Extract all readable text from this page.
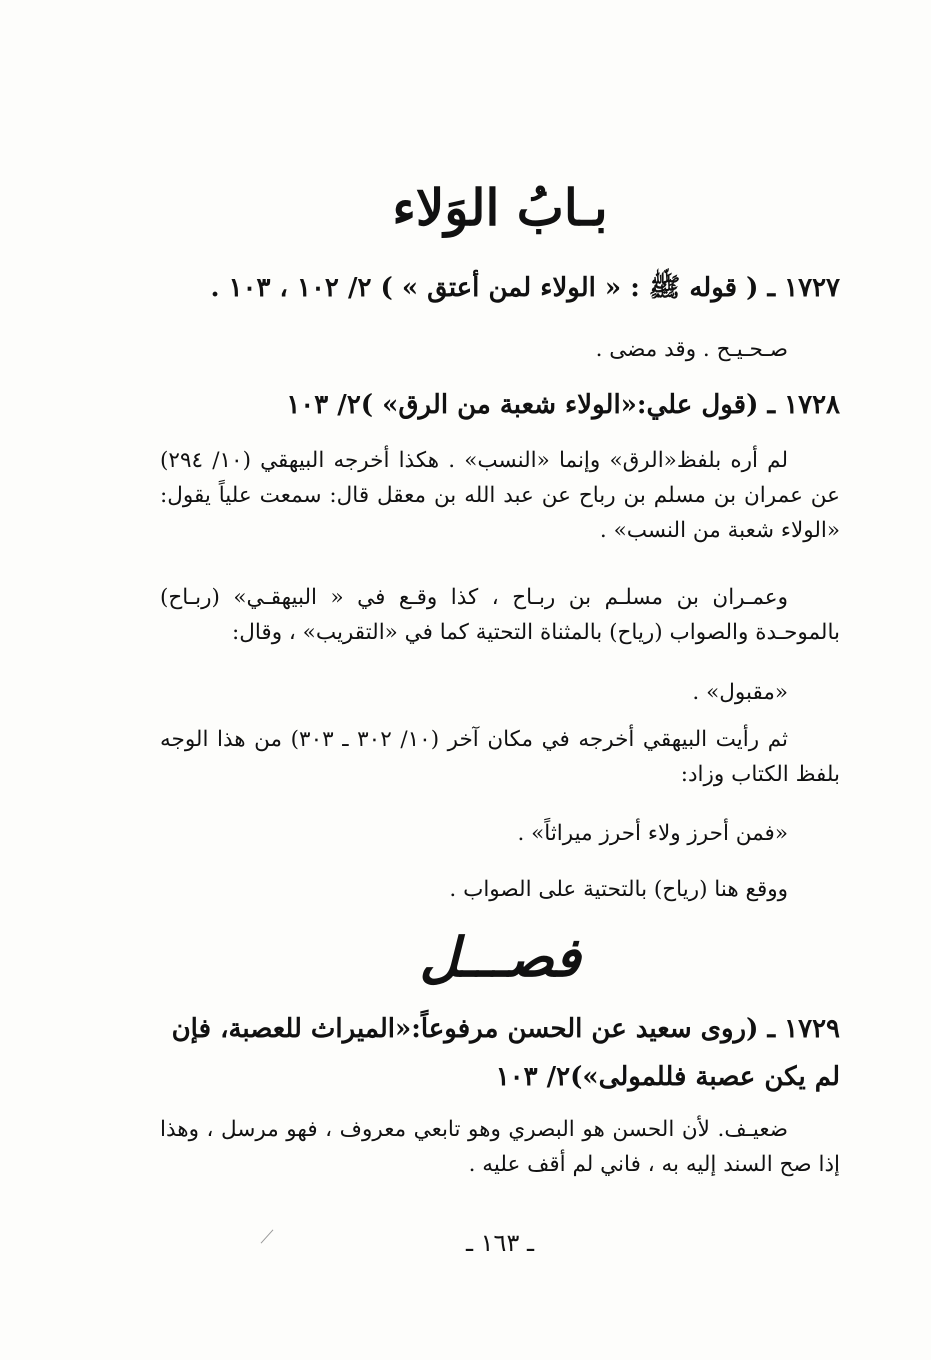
بـابُ الوَلاء
١٧٢٧ ـ ( قوله ﷺ : « الولاء لمن أعتق » ) ٢/ ١٠٢ ، ١٠٣ .
صـحـيـح . وقد مضى .
١٧٢٨ ـ (قول علي:«الولاء شعبة من الرق» )٢/ ١٠٣
لم أره بلفظ«الرق» وإنما «النسب» . هكذا أخرجه البيهقي (١٠/ ٢٩٤) عن عمران بن مسلم بن رباح عن عبد الله بن معقل قال: سمعت علياً يقول: «الولاء شعبة من النسب» .
وعمـران بن مسلـم بن ربـاح ، كذا وقـع في « البيهقـي» (ربـاح) بالموحـدة والصواب (رياح) بالمثناة التحتية كما في «التقريب» ، وقال:
«مقبول» .
ثم رأيت البيهقي أخرجه في مكان آخر (١٠/ ٣٠٢ ـ ٣٠٣) من هذا الوجه بلفظ الكتاب وزاد:
«فمن أحرز ولاء أحرز ميراثاً» .
ووقع هنا (رياح) بالتحتية على الصواب .
فصـــل
١٧٢٩ ـ (روى سعيد عن الحسن مرفوعاً:«الميراث للعصبة، فإن لم يكن عصبة فللمولى»)٢/ ١٠٣
ضعيـف. لأن الحسن هو البصري وهو تابعي معروف ، فهو مرسل ، وهذا إذا صح السند إليه به ، فاني لم أقف عليه .
ـ ١٦٣ ـ
